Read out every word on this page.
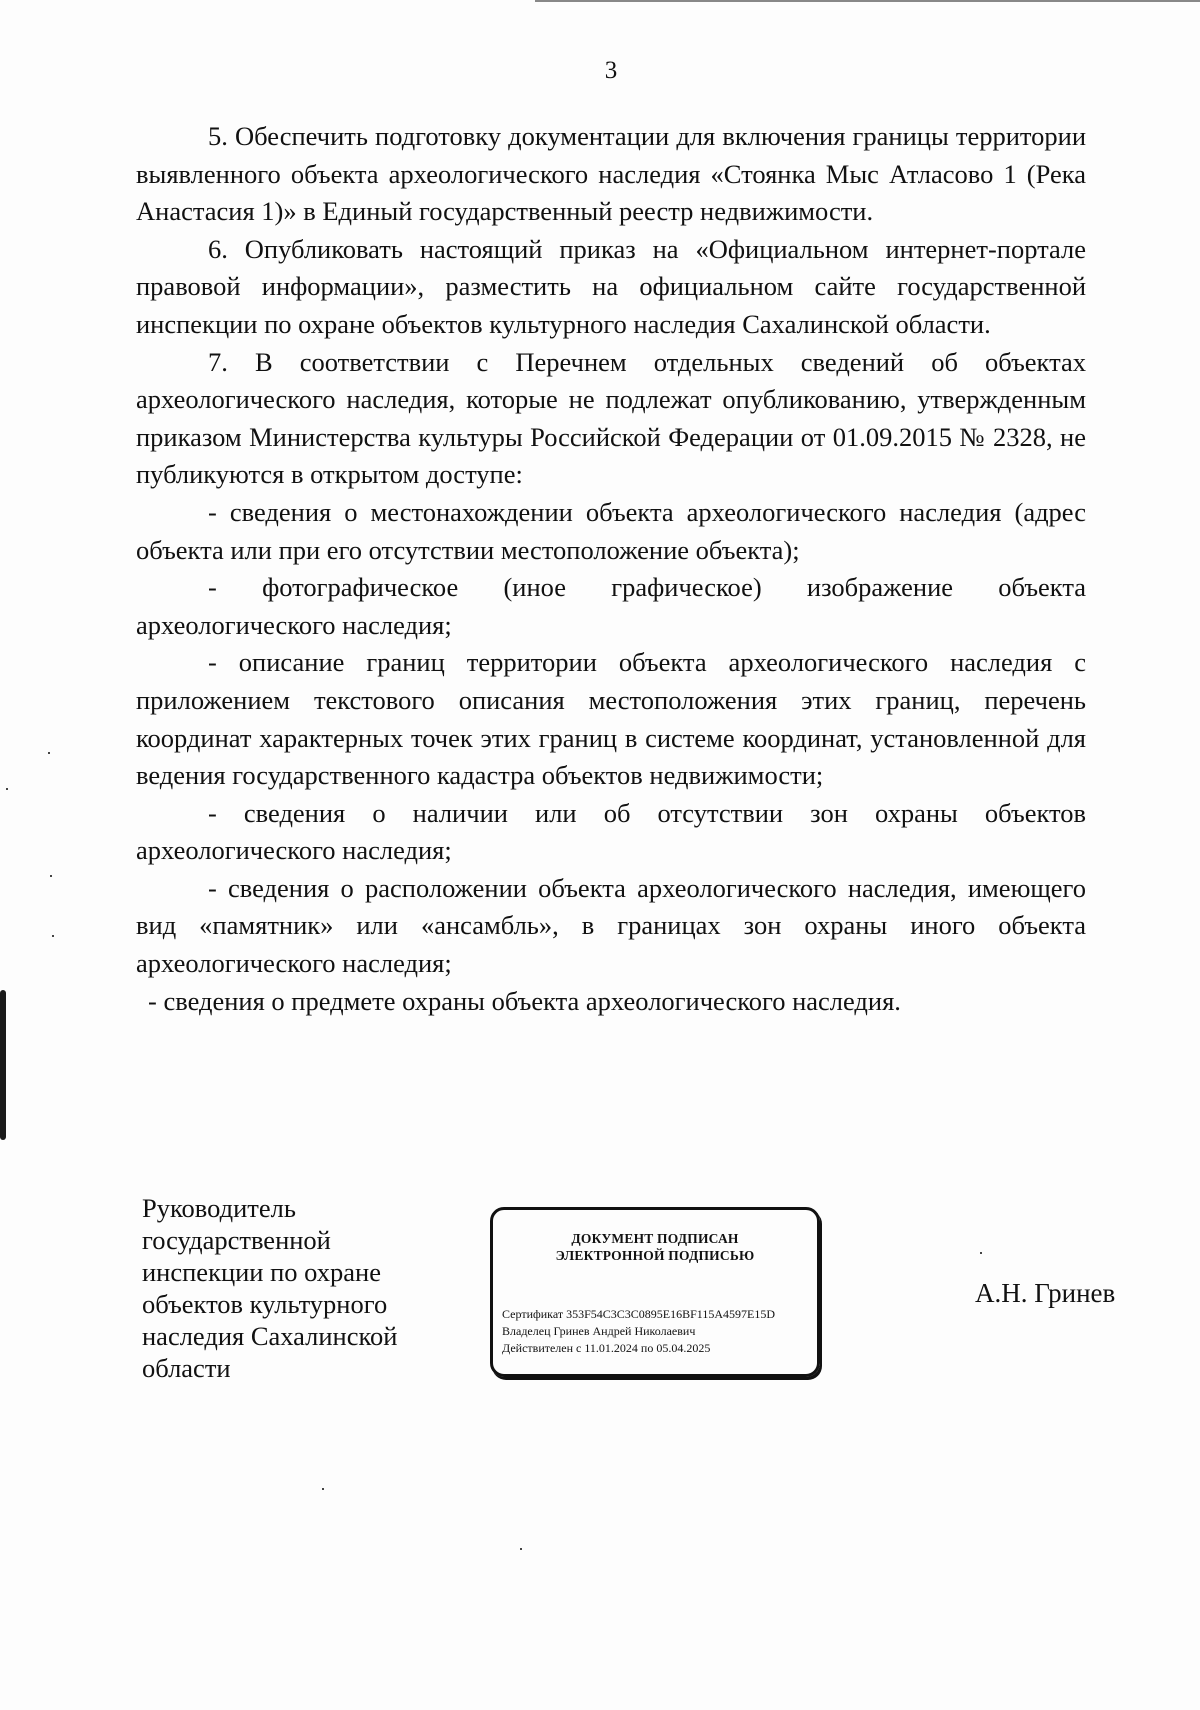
3

5. Обеспечить подготовку документации для включения границы территории выявленного объекта археологического наследия «Стоянка Мыс Атласово 1 (Река Анастасия 1)» в Единый государственный реестр недвижимости.

6. Опубликовать настоящий приказ на «Официальном интернет-портале правовой информации», разместить на официальном сайте государственной инспекции по охране объектов культурного наследия Сахалинской области.

7. В соответствии с Перечнем отдельных сведений об объектах археологического наследия, которые не подлежат опубликованию, утвержденным приказом Министерства культуры Российской Федерации от 01.09.2015 № 2328, не публикуются в открытом доступе:

- сведения о местонахождении объекта археологического наследия (адрес объекта или при его отсутствии местоположение объекта);

- фотографическое (иное графическое) изображение объекта археологического наследия;

- описание границ территории объекта археологического наследия с приложением текстового описания местоположения этих границ, перечень координат характерных точек этих границ в системе координат, установленной для ведения государственного кадастра объектов недвижимости;

- сведения о наличии или об отсутствии зон охраны объектов археологического наследия;

- сведения о расположении объекта археологического наследия, имеющего вид «памятник» или «ансамбль», в границах зон охраны иного объекта археологического наследия;

- сведения о предмете охраны объекта археологического наследия.

Руководитель
государственной
инспекции по охране
объектов культурного
наследия Сахалинской
области
ДОКУМЕНТ ПОДПИСАН
ЭЛЕКТРОННОЙ ПОДПИСЬЮ
Сертификат 353F54C3C3C0895E16BF115A4597E15D
Владелец Гринев Андрей Николаевич
Действителен с 11.01.2024 по 05.04.2025
А.Н. Гринев
